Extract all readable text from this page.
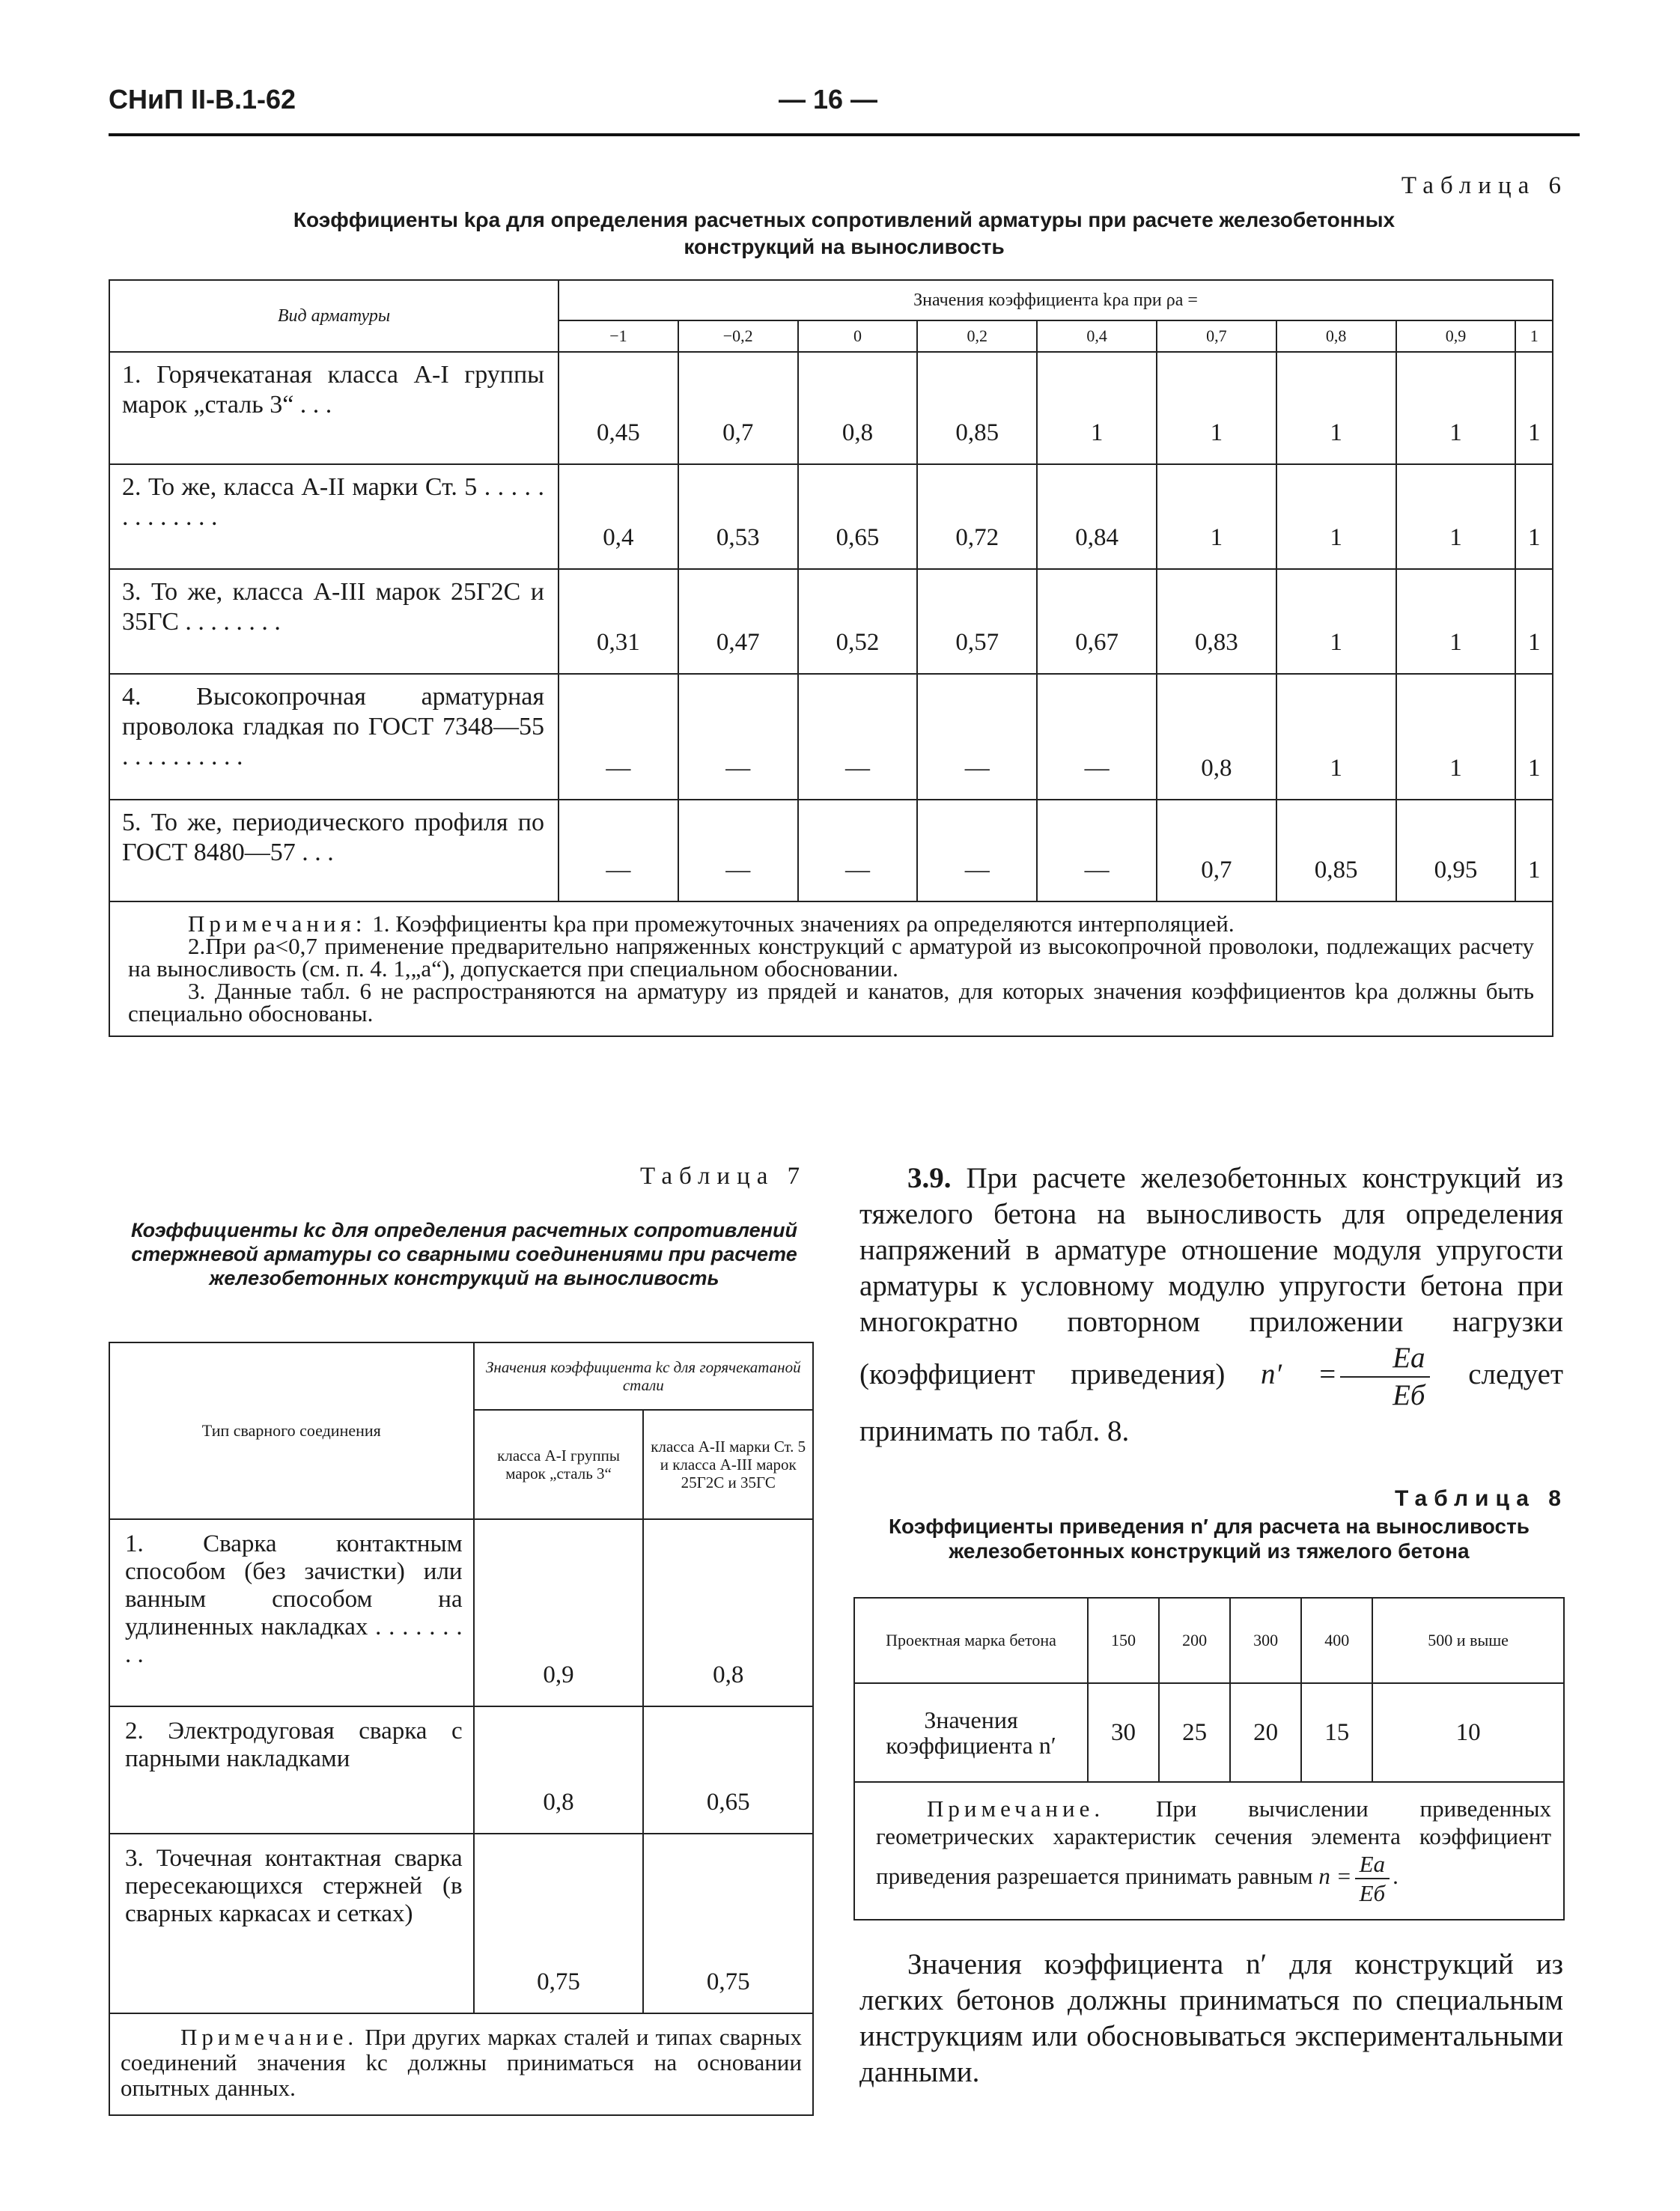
СНиП II-В.1-62	— 16 —
Таблица 6
Коэффициенты kρа для определения расчетных сопротивлений арматуры при расчете железобетонных
конструкций на выносливость
Вид арматуры	Значения коэффициента kρа при ρа =								
	−1	−0,2	0	0,2	0,4	0,7	0,8	0,9	1
1. Горячекатаная класса А-I группы марок „сталь 3“ . . .	0,45	0,7	0,8	0,85	1	1	1	1	1
2. То же, класса А-II марки Ст. 5 . . . . . . . . . . . . .	0,4	0,53	0,65	0,72	0,84	1	1	1	1
3. То же, класса А-III марок 25Г2С и 35ГС . . . . . . . .	0,31	0,47	0,52	0,57	0,67	0,83	1	1	1
4. Высокопрочная арматурная проволока гладкая по ГОСТ 7348—55 . . . . . . . . . .	—	—	—	—	—	0,8	1	1	1
5. То же, периодического профиля по ГОСТ 8480—57 . . .	—	—	—	—	—	0,7	0,85	0,95	1

Примечания: 1. Коэффициенты kρа при промежуточных значениях ρа определяются интерполяцией.
2.При ρа<0,7 применение предварительно напряженных конструкций с арматурой из высокопрочной проволоки, подлежащих расчету на выносливость (см. п. 4. 1,„а“), допускается при специальном обосновании.
3. Данные табл. 6 не распространяются на арматуру из прядей и канатов, для которых значения коэффициентов kρа должны быть специально обоснованы.									
Таблица 7
Коэффициенты kс для определения расчетных сопротивлений стержневой арматуры со сварными соединениями при расчете железобетонных конструкций на выносливость
Тип сварного соединения	Значения коэффициента kс для горячекатаной стали	
	класса А-I группы марок „сталь 3“	класса А-II марки Ст. 5 и класса А-III марок 25Г2С и 35ГС
1. Сварка контактным способом (без зачистки) или ванным способом на удлиненных накладках . . . . . . . . .	0,9	0,8
2. Электродуговая сварка с парными накладками	0,8	0,65
3. Точечная контактная сварка пересекающихся стержней (в сварных каркасах и сетках)	0,75	0,75
Примечание. При других марках сталей и типах сварных соединений значения kс должны приниматься на основании опытных данных.		
3.9. При расчете железобетонных конструкций из тяжелого бетона на выносливость для определения напряжений в арматуре отношение модуля упругости арматуры к условному модулю упругости бетона при многократно повторном приложении нагрузки (коэффициент приведения) $n' = \frac{Eа}{Eб}$ следует принимать по табл. 8.
Таблица 8
Коэффициенты приведения n′ для расчета на выносливость железобетонных конструкций из тяжелого бетона
Проектная марка бетона	150	200	300	400	500 и выше
Значения коэффициента n′	30	25	20	15	10
Примечание. При вычислении приведенных геометрических характеристик сечения элемента коэффициент приведения разрешается принимать равным $n = \frac{Eа}{Eб}$ .					
Значения коэффициента n′ для конструкций из легких бетонов должны приниматься по специальным инструкциям или обосновываться экспериментальными данными.
